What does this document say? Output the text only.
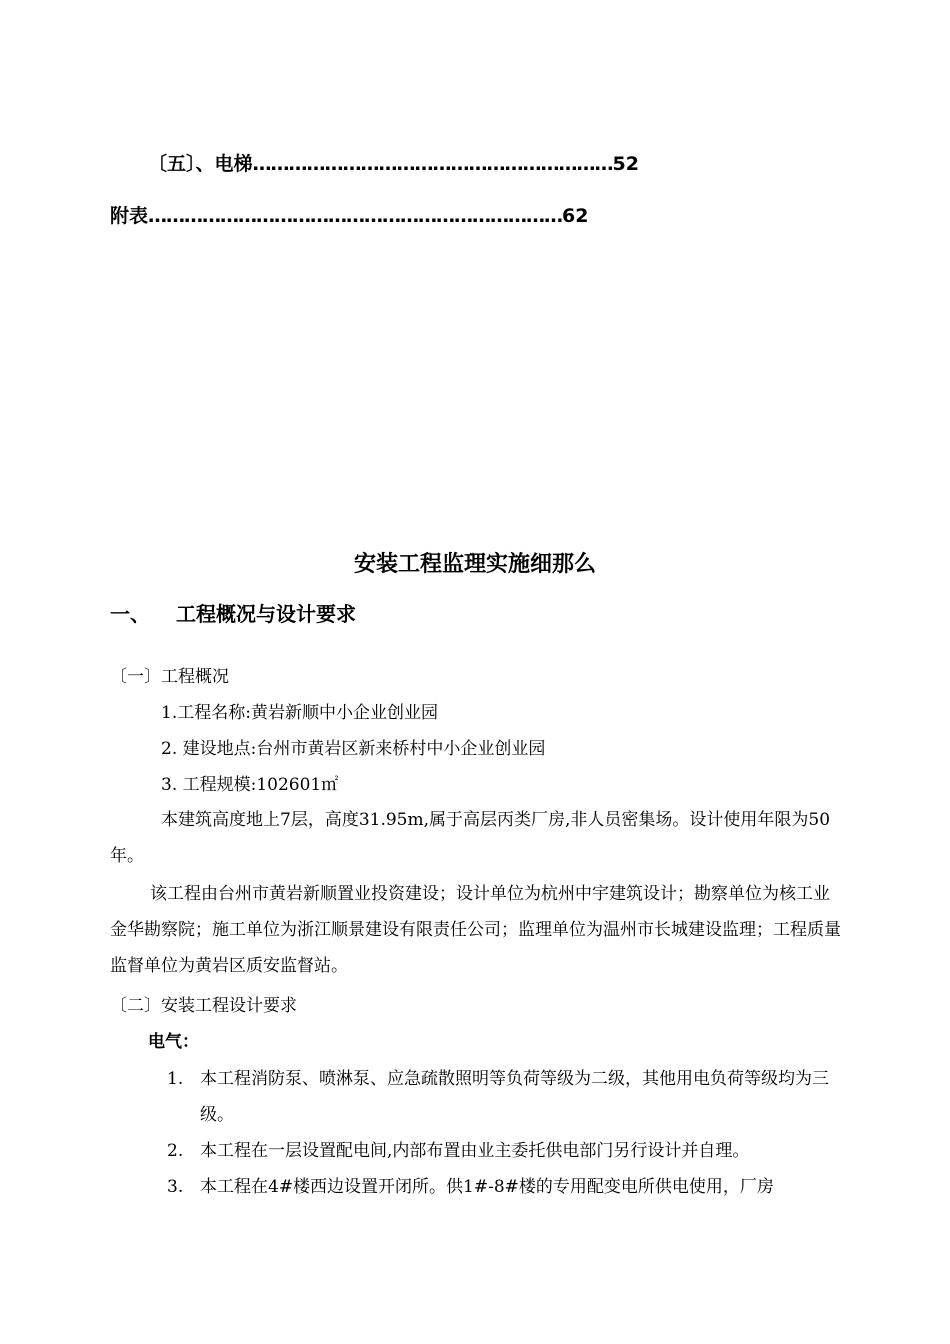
〔五〕、电梯……………………………………………………52
附表……………………………………………………………62
安装工程监理实施细那么
一、 工程概况与设计要求
〔一〕工程概况
1.工程名称:黄岩新顺中小企业创业园
2. 建设地点:台州市黄岩区新来桥村中小企业创业园
3. 工程规模:102601㎡
本建筑高度地上7层，高度31.95m,属于高层丙类厂房,非人员密集场。设计使用年限为50年。
该工程由台州市黄岩新顺置业投资建设；设计单位为杭州中宇建筑设计；勘察单位为核工业金华勘察院；施工单位为浙江顺景建设有限责任公司；监理单位为温州市长城建设监理；工程质量监督单位为黄岩区质安监督站。
〔二〕安装工程设计要求
电气：
1. 本工程消防泵、喷淋泵、应急疏散照明等负荷等级为二级，其他用电负荷等级均为三级。
2. 本工程在一层设置配电间,内部布置由业主委托供电部门另行设计并自理。
3. 本工程在4#楼西边设置开闭所。供1#-8#楼的专用配变电所供电使用，厂房
